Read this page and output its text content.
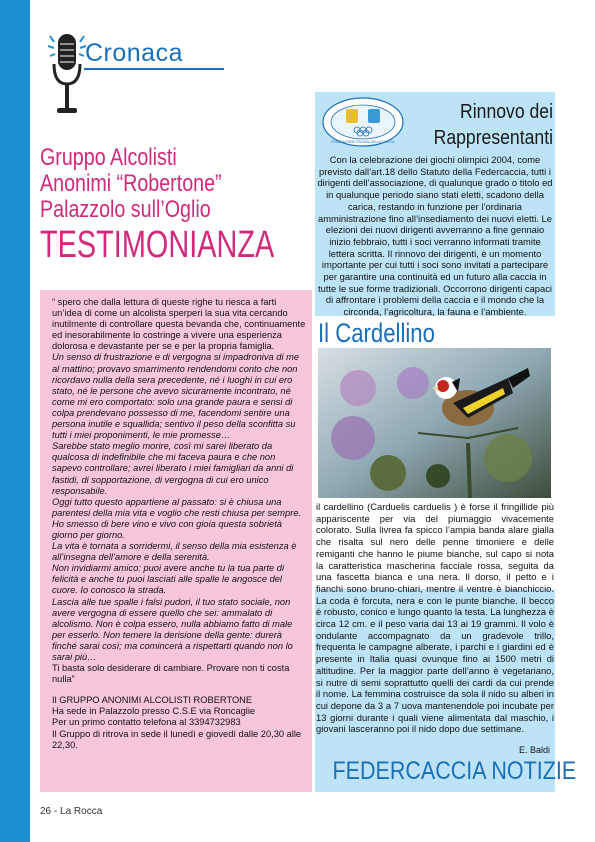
Cronaca
Gruppo Alcolisti
Anonimi “Robertone”
Palazzolo sull’Oglio
TESTIMONIANZA

“ spero che dalla lettura di queste righe tu riesca a farti un’idea di come un alcolista sperperi la sua vita cercando inutilmente di controllare questa bevanda che, continuamente ed inesorabilmente lo costringe a vivere una esperienza dolorosa e devastante per se e per la propria famiglia.

Un senso di frustrazione e di vergogna si impadroniva di me al mattino; provavo smarrimento rendendomi conto che non ricordavo nulla della sera precedente, né i luoghi in cui ero stato, né le persone che avevo sicuramente incontrato, né come mi ero comportato: solo una grande paura e sensi di colpa prendevano possesso di me, facendomi sentire una persona inutile e squallida; sentivo il peso della sconfitta su tutti i miei proponimenti, le mie promesse…

Sarebbe stato meglio morire, così mi sarei liberato da qualcosa di indefinibile che mi faceva paura e che non sapevo controllare; avrei liberato i miei famigliari da anni di fastidi, di sopportazione, di vergogna di cui ero unico responsabile.

Oggi tutto questo appartiene al passato: si è chiusa una parentesi della mia vita e voglio che resti chiusa per sempre.

Ho smesso di bere vino e vivo con gioia questa sobrietà giorno per giorno.

La vita è tornata a sorridermi, il senso della mia esistenza è all’insegna dell’amore e della serenità.

Non invidiarmi amico: puoi avere anche tu la tua parte di felicità e anche tu puoi lasciati alle spalle le angosce del cuore. Io conosco la strada.

Lascia alle tue spalle i falsi pudori, il tuo stato sociale, non avere vergogna di essere quello che sei: ammalato di alcolismo. Non è colpa essero, nulla abbiamo fatto di male per esserlo. Non temere la derisione della gente: durerà finché sarai così; ma comincerà a rispettarti quando non lo sarai più…

Ti basta solo desiderare di cambiare. Provare non ti costa nulla”

Il GRUPPO ANONIMI ALCOLISTI ROBERTONE

Ha sede in Palazzolo presso C.S.E via Roncaglie

Per un primo contatto telefona al 3394732983

Il Gruppo di ritrova in sede il lunedì e giovedì dalle 20,30 alle 22,30.

FEDERAZIONE ITALIANA DELLA CACCIA
Rinnovo dei
Rappresentanti
Con la celebrazione dei giochi olimpici 2004, come previsto dall’art.18 dello Statuto della Federcaccia, tutti i dirigenti dell’associazione, di qualunque grado o titolo ed in qualunque periodo siano stati eletti, scadono della carica, restando in funzione per l’ordinaria amministrazione fino all’insediamento dei nuovi eletti. Le elezioni dei nuovi dirigenti avverranno a fine gennaio inizio febbraio, tutti i soci verranno informati tramite lettera scritta. Il rinnovo dei dirigenti, è un momento importante per cui tutti i soci sono invitati a partecipare per garantire una continuità ed un futuro alla caccia in tutte le sue forme tradizionali. Occorrono dirigenti capaci di affrontare i problemi della caccia e il mondo che la circonda, l’agricoltura, la fauna e l’ambiente.
Il Cardellino
il cardellino (Carduelis carduelis ) è forse il fringillide più appariscente per via del piumaggio vivacemente colorato. Sulla livrea fa spicco l’ampia banda alare gialla che risalta sul nero delle penne timoniere e delle remiganti che hanno le piume bianche, sul capo si nota la caratteristica mascherina facciale rossa, seguita da una fascetta bianca e una nera. Il dorso, il petto e i fianchi sono bruno-chiari, mentre il ventre è bianchiccio. La coda è forcuta, nera e con le punte bianche. Il becco è robusto, conico e lungo quanto la testa. La lunghezza è circa 12 cm. e il peso varia dai 13 ai 19 grammi. Il volo è ondulante accompagnato da un gradevole trillo, frequenta le campagne alberate, i parchi e i giardini ed è presente in Italia quasi ovunque fino ai 1500 metri di altitudine. Per la maggior parte dell’anno è vegetariano, si nutre di semi soprattutto quelli dei cardi da cui prende il nome. La femmina costruisce da sola il nido su alberi in cui depone da 3 a 7 uova mantenendole poi incubate per 13 giorni durante i quali viene alimentata dal maschio, i giovani lasceranno poi il nido dopo due settimane.
E. Baldi
FEDERCACCIA NOTIZIE
26 - La Rocca
